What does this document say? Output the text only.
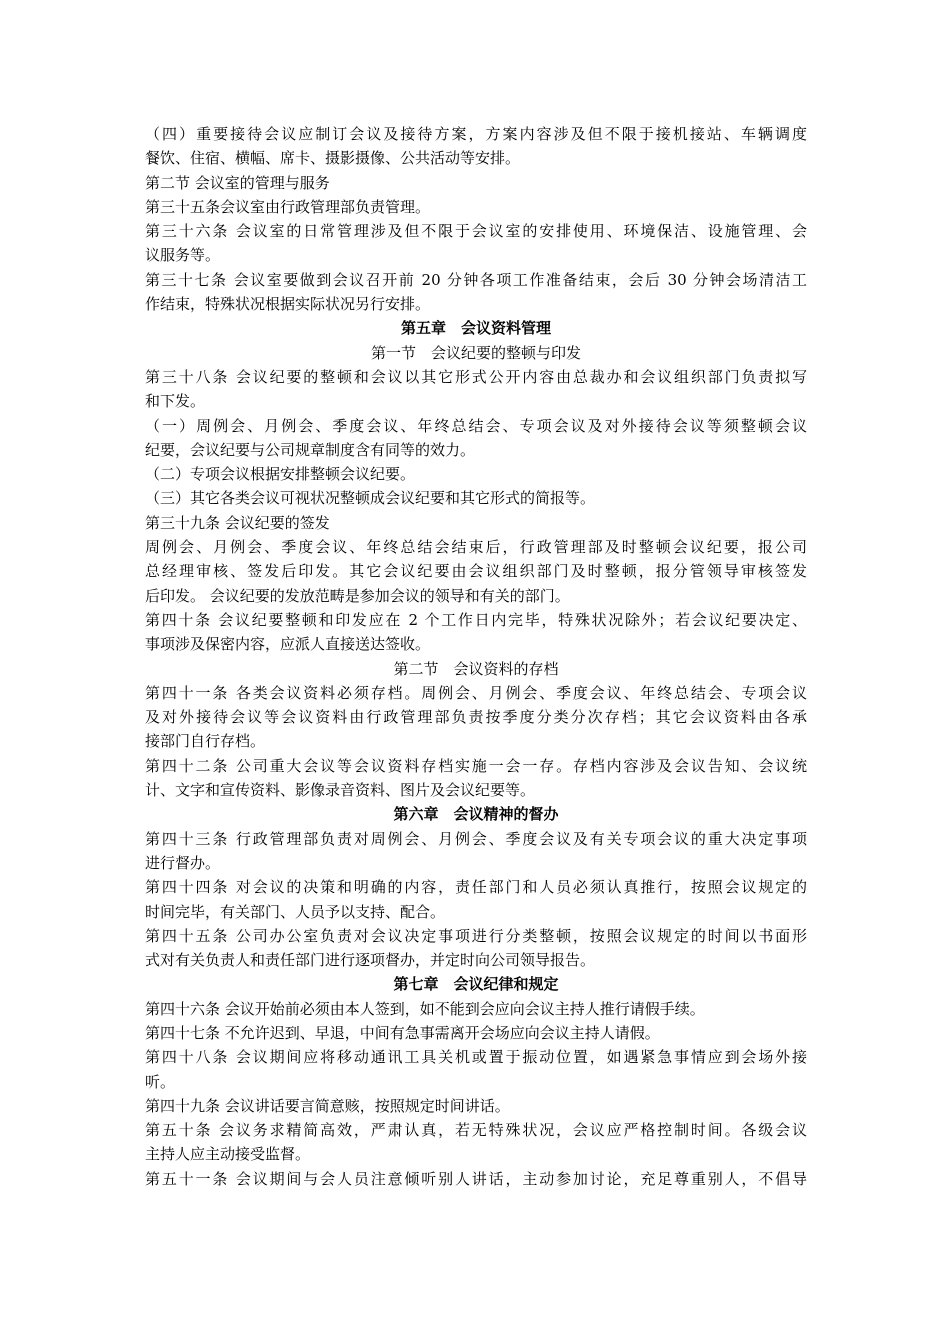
（四）重要接待会议应制订会议及接待方案，方案内容涉及但不限于接机接站、车辆调度
餐饮、住宿、横幅、席卡、摄影摄像、公共活动等安排。
第二节 会议室的管理与服务
第三十五条会议室由行政管理部负责管理。
第三十六条 会议室的日常管理涉及但不限于会议室的安排使用、环境保洁、设施管理、会
议服务等。
第三十七条 会议室要做到会议召开前 20 分钟各项工作准备结束，会后 30 分钟会场清洁工
作结束，特殊状况根据实际状况另行安排。
第五章　会议资料管理
第一节　会议纪要的整顿与印发
第三十八条 会议纪要的整顿和会议以其它形式公开内容由总裁办和会议组织部门负责拟写
和下发。
（一）周例会、月例会、季度会议、年终总结会、专项会议及对外接待会议等须整顿会议
纪要，会议纪要与公司规章制度含有同等的效力。
（二）专项会议根据安排整顿会议纪要。
（三）其它各类会议可视状况整顿成会议纪要和其它形式的简报等。
第三十九条 会议纪要的签发
周例会、月例会、季度会议、年终总结会结束后，行政管理部及时整顿会议纪要，报公司
总经理审核、签发后印发。其它会议纪要由会议组织部门及时整顿，报分管领导审核签发
后印发。 会议纪要的发放范畴是参加会议的领导和有关的部门。
第四十条 会议纪要整顿和印发应在 2 个工作日内完毕，特殊状况除外；若会议纪要决定、
事项涉及保密内容，应派人直接送达签收。
第二节　会议资料的存档
第四十一条 各类会议资料必须存档。周例会、月例会、季度会议、年终总结会、专项会议
及对外接待会议等会议资料由行政管理部负责按季度分类分次存档；其它会议资料由各承
接部门自行存档。
第四十二条 公司重大会议等会议资料存档实施一会一存。存档内容涉及会议告知、会议统
计、文字和宣传资料、影像录音资料、图片及会议纪要等。
第六章　会议精神的督办
第四十三条 行政管理部负责对周例会、月例会、季度会议及有关专项会议的重大决定事项
进行督办。
第四十四条 对会议的决策和明确的内容，责任部门和人员必须认真推行，按照会议规定的
时间完毕，有关部门、人员予以支持、配合。
第四十五条 公司办公室负责对会议决定事项进行分类整顿，按照会议规定的时间以书面形
式对有关负责人和责任部门进行逐项督办，并定时向公司领导报告。
第七章　会议纪律和规定
第四十六条 会议开始前必须由本人签到，如不能到会应向会议主持人推行请假手续。
第四十七条 不允许迟到、早退，中间有急事需离开会场应向会议主持人请假。
第四十八条 会议期间应将移动通讯工具关机或置于振动位置，如遇紧急事情应到会场外接
听。
第四十九条 会议讲话要言简意赅，按照规定时间讲话。
第五十条 会议务求精简高效，严肃认真，若无特殊状况，会议应严格控制时间。各级会议
主持人应主动接受监督。
第五十一条 会议期间与会人员注意倾听别人讲话，主动参加讨论，充足尊重别人，不倡导
